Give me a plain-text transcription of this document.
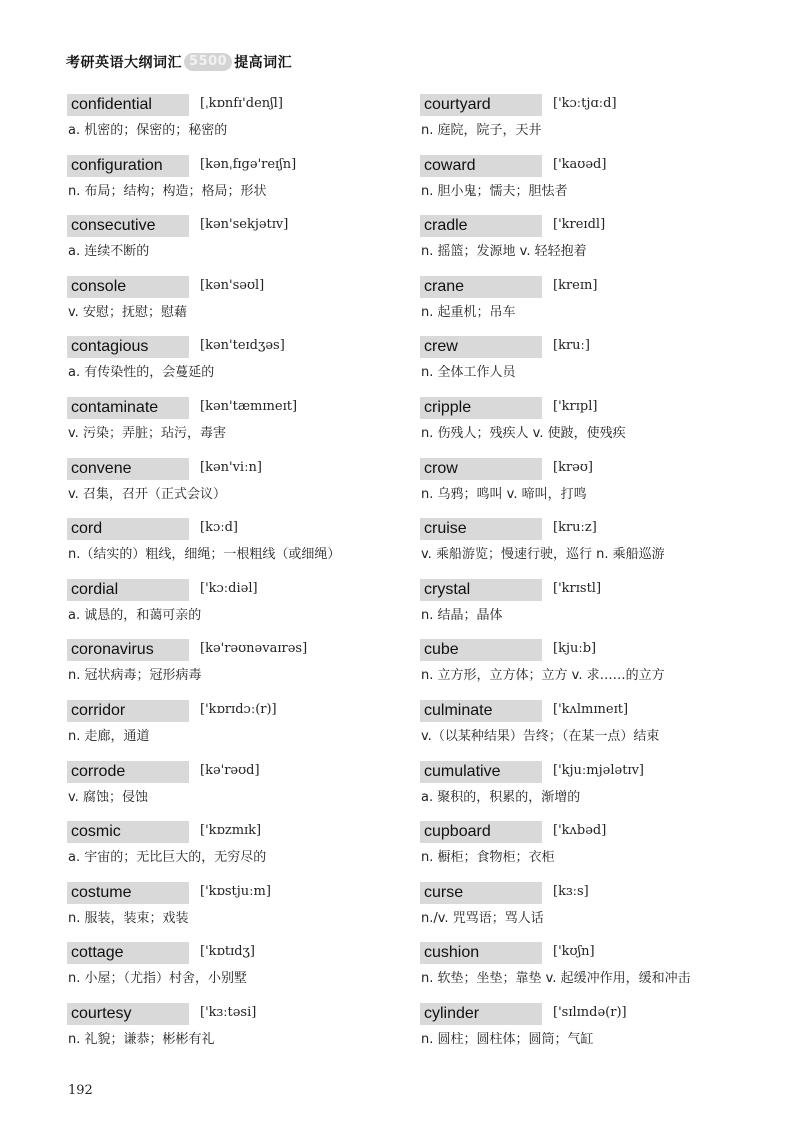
考研英语大纲词汇 5500 提高词汇
confidential	[ˌkɒnfɪ'denʃl]
a. 机密的；保密的；秘密的
configuration	[kənˌfɪgə'reɪʃn]
n. 布局；结构；构造；格局；形状
consecutive	[kən'sekjətɪv]
a. 连续不断的
console	[kən'səʊl]
v. 安慰；抚慰；慰藉
contagious	[kən'teɪdʒəs]
a. 有传染性的，会蔓延的
contaminate	[kən'tæmɪneɪt]
v. 污染；弄脏；玷污，毒害
convene	[kən'viːn]
v. 召集，召开（正式会议）
cord	[kɔːd]
n.（结实的）粗线，细绳；一根粗线（或细绳）
cordial	['kɔːdiəl]
a. 诚恳的，和蔼可亲的
coronavirus	[kə'rəʊnəvaɪrəs]
n. 冠状病毒；冠形病毒
corridor	['kɒrɪdɔː(r)]
n. 走廊，通道
corrode	[kə'rəʊd]
v. 腐蚀；侵蚀
cosmic	['kɒzmɪk]
a. 宇宙的；无比巨大的，无穷尽的
costume	['kɒstjuːm]
n. 服装，装束；戏装
cottage	['kɒtɪdʒ]
n. 小屋；（尤指）村舍，小别墅
courtesy	['kɜːtəsi]
n. 礼貌；谦恭；彬彬有礼
courtyard	['kɔːtjɑːd]
n. 庭院，院子，天井
coward	['kaʊəd]
n. 胆小鬼；懦夫；胆怯者
cradle	['kreɪdl]
n. 摇篮；发源地 v. 轻轻抱着
crane	[kreɪn]
n. 起重机；吊车
crew	[kruː]
n. 全体工作人员
cripple	['krɪpl]
n. 伤残人；残疾人 v. 使跛，使残疾
crow	[krəʊ]
n. 乌鸦；鸣叫 v. 啼叫，打鸣
cruise	[kruːz]
v. 乘船游览；慢速行驶，巡行 n. 乘船巡游
crystal	['krɪstl]
n. 结晶；晶体
cube	[kjuːb]
n. 立方形，立方体；立方 v. 求……的立方
culminate	['kʌlmɪneɪt]
v.（以某种结果）告终；（在某一点）结束
cumulative	['kjuːmjələtɪv]
a. 聚积的，积累的，渐增的
cupboard	['kʌbəd]
n. 橱柜；食物柜；衣柜
curse	[kɜːs]
n./v. 咒骂语；骂人话
cushion	['kʊʃn]
n. 软垫；坐垫；靠垫 v. 起缓冲作用，缓和冲击
cylinder	['sɪlɪndə(r)]
n. 圆柱；圆柱体；圆筒；气缸
192
